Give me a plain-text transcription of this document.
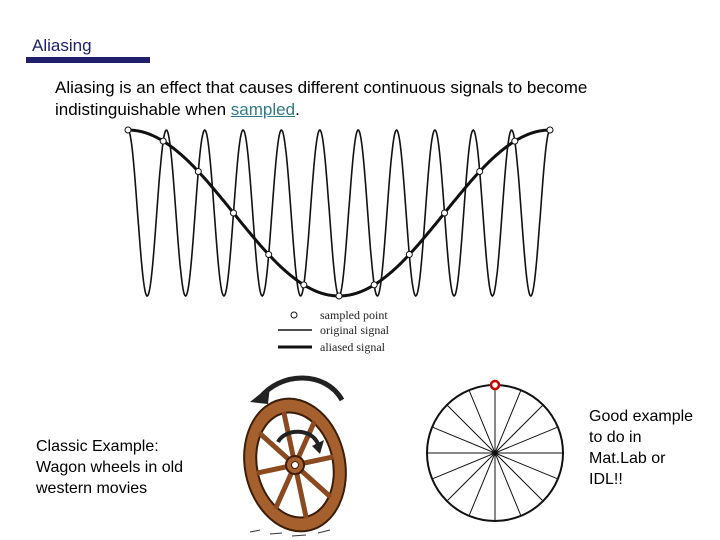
Aliasing
Aliasing is an effect that causes different continuous signals to become indistinguishable when sampled.
sampled point
original signal
aliased signal
Classic Example:
Wagon wheels in old
western movies
Good example
to do in
Mat.Lab or
IDL!!
